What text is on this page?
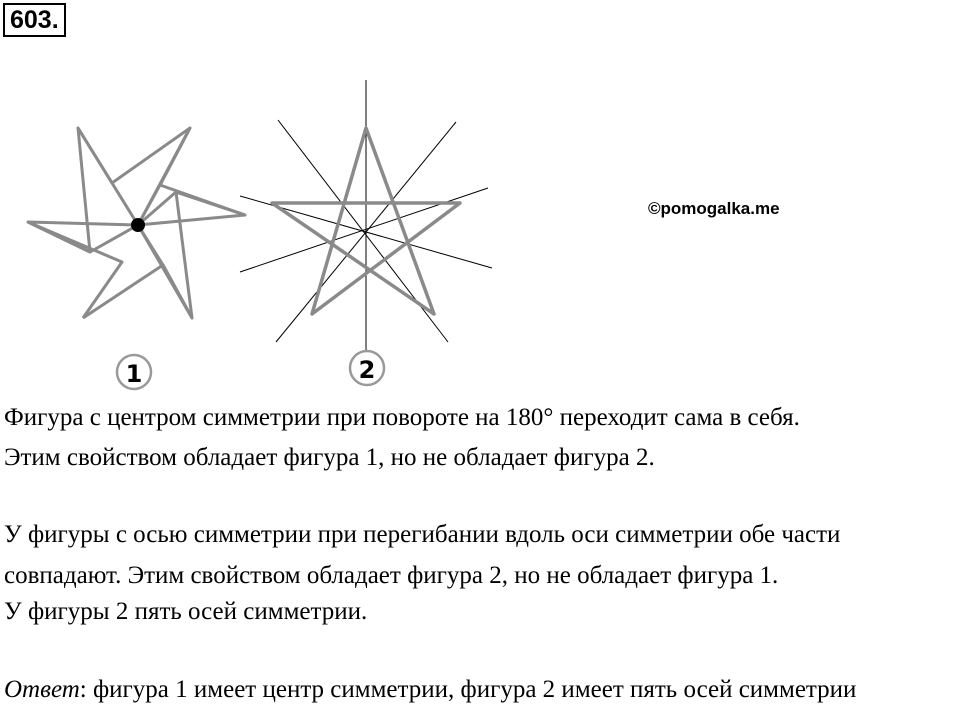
603.
1	2
©pomogalka.me
Фигура с центром симметрии при повороте на 180° переходит сама в себя.
Этим свойством обладает фигура 1, но не обладает фигура 2.
У фигуры с осью симметрии при перегибании вдоль оси симметрии обе части
совпадают. Этим свойством обладает фигура 2, но не обладает фигура 1.
У фигуры 2 пять осей симметрии.
Ответ: фигура 1 имеет центр симметрии, фигура 2 имеет пять осей симметрии
